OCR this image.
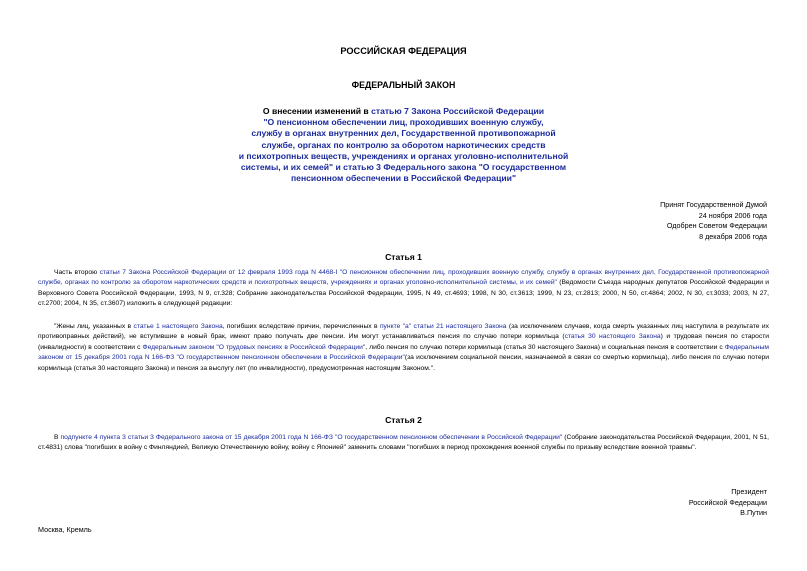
РОССИЙСКАЯ ФЕДЕРАЦИЯ
ФЕДЕРАЛЬНЫЙ ЗАКОН
О внесении изменений в статью 7 Закона Российской Федерации
"О пенсионном обеспечении лиц, проходивших военную службу,
службу в органах внутренних дел, Государственной противопожарной
службе, органах по контролю за оборотом наркотических средств
и психотропных веществ, учреждениях и органах уголовно-исполнительной
системы, и их семей" и статью 3 Федерального закона "О государственном
пенсионном обеспечении в Российской Федерации"
Принят Государственной Думой
24 ноября 2006 года
Одобрен Советом Федерации
8 декабря 2006 года
Статья 1
Часть второю статьи 7 Закона Российской Федерации от 12 февраля 1993 года N 4468-I "О пенсионном обеспечении лиц, проходивших военную службу, службу в органах внутренних дел, Государственной противопожарной службе, органах по контролю за оборотом наркотических средств и психотропных веществ, учреждениях и органах уголовно-исполнительной системы, и их семей" (Ведомости Съезда народных депутатов Российской Федерации и Верховного Совета Российской Федерации, 1993, N 9, ст.328; Собрание законодательства Российской Федерации, 1995, N 49, ст.4693; 1998, N 30, ст.3613; 1999, N 23, ст.2813; 2000, N 50, ст.4864; 2002, N 30, ст.3033; 2003, N 27, ст.2700; 2004, N 35, ст.3607) изложить в следующей редакции:
"Жены лиц, указанных в статье 1 настоящего Закона, погибших вследствие причин, перечисленных в пункте "а" статьи 21 настоящего Закона (за исключением случаев, когда смерть указанных лиц наступила в результате их противоправных действий), не вступившие в новый брак, имеют право получать две пенсии. Им могут устанавливаться пенсия по случаю потери кормильца (статья 30 настоящего Закона) и трудовая пенсия по старости (инвалидности) в соответствии с Федеральным законом "О трудовых пенсиях в Российской Федерации", либо пенсия по случаю потери кормильца (статья 30 настоящего Закона) и социальная пенсия в соответствии с Федеральным законом от 15 декабря 2001 года N 166-ФЗ "О государственном пенсионном обеспечении в Российской Федерации"(за исключением социальной пенсии, назначаемой в связи со смертью кормильца), либо пенсия по случаю потери кормильца (статья 30 настоящего Закона) и пенсия за выслугу лет (по инвалидности), предусмотренная настоящим Законом.".
Статья 2
В подпункте 4 пункта 3 статьи 3 Федерального закона от 15 декабря 2001 года N 166-ФЗ "О государственном пенсионном обеспечении в Российской Федерации" (Собрание законодательства Российской Федерации, 2001, N 51, ст.4831) слова "погибших в войну с Финляндией, Великую Отечественную войну, войну с Японией" заменить словами "погибших в период прохождения военной службы по призыву вследствие военной травмы".
Президент
Российской Федерации
В.Путин
Москва, Кремль
